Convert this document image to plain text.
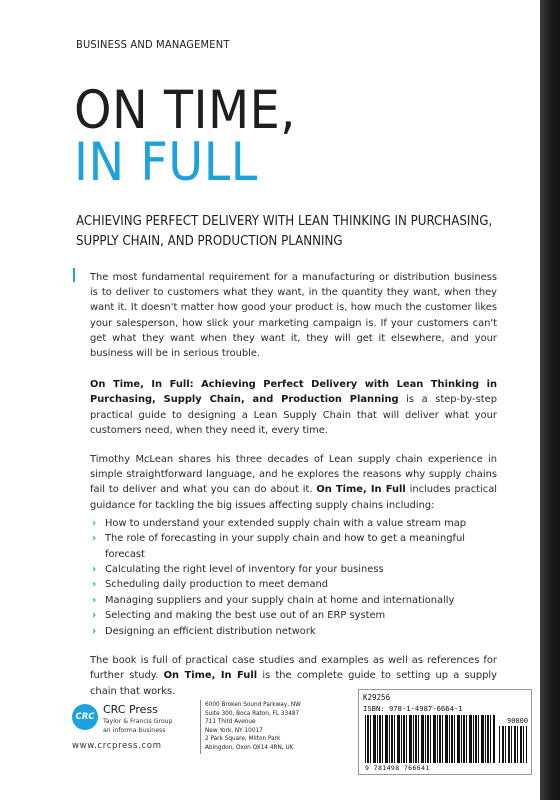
BUSINESS AND MANAGEMENT
ON TIME,
IN FULL
ACHIEVING PERFECT DELIVERY WITH LEAN THINKING IN PURCHASING, SUPPLY CHAIN, AND PRODUCTION PLANNING

The most fundamental requirement for a manufacturing or distribution business is to deliver to customers what they want, in the quantity they want, when they want it. It doesn't matter how good your product is, how much the customer likes your salesperson, how slick your marketing campaign is. If your customers can't get what they want when they want it, they will get it elsewhere, and your business will be in serious trouble.

On Time, In Full: Achieving Perfect Delivery with Lean Thinking in Purchasing, Supply Chain, and Production Planning is a step-by-step practical guide to designing a Lean Supply Chain that will deliver what your customers need, when they need it, every time.

Timothy McLean shares his three decades of Lean supply chain experience in simple straightforward language, and he explores the reasons why supply chains fail to deliver and what you can do about it. On Time, In Full includes practical guidance for tackling the big issues affecting supply chains including:

› How to understand your extended supply chain with a value stream map
› The role of forecasting in your supply chain and how to get a meaningful forecast
› Calculating the right level of inventory for your business
› Scheduling daily production to meet demand
› Managing suppliers and your supply chain at home and internationally
› Selecting and making the best use out of an ERP system
› Designing an efficient distribution network

The book is full of practical case studies and examples as well as references for further study. On Time, In Full is the complete guide to setting up a supply chain that works.

CRC
CRC Press
Taylor & Francis Group
an informa business
www.crcpress.com
6000 Broken Sound Parkway, NW
Suite 300, Boca Raton, FL 33487
711 Third Avenue
New York, NY 10017
2 Park Square, Milton Park
Abingdon, Oxon OX14 4RN, UK
K29256
ISBN: 978-1-4987-6664-1
90000
9 781498 766641
